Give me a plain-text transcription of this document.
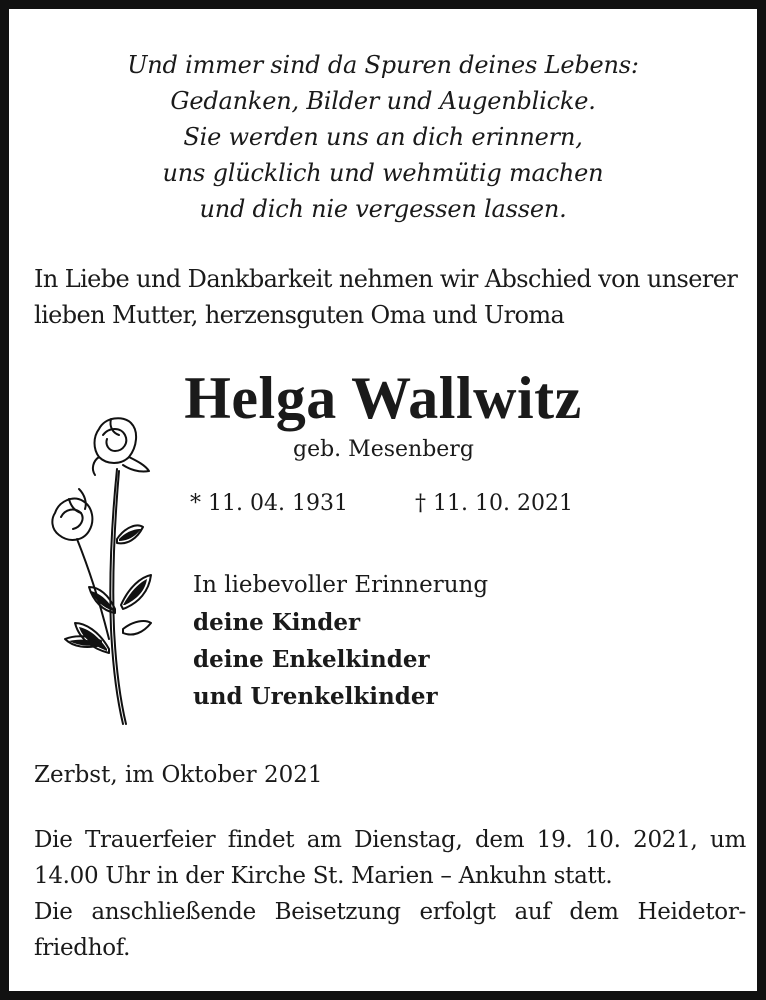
Und immer sind da Spuren deines Lebens:
Gedanken, Bilder und Augenblicke.
Sie werden uns an dich erinnern,
uns glücklich und wehmütig machen
und dich nie vergessen lassen.
In Liebe und Dankbarkeit nehmen wir Abschied von unserer
lieben Mutter, herzensguten Oma und Uroma
Helga Wallwitz
geb. Mesenberg
* 11. 04. 1931	† 11. 10. 2021
In liebevoller Erinnerung
deine Kinder
deine Enkelkinder
und Urenkelkinder
Zerbst, im Oktober 2021
Die Trauerfeier findet am Dienstag, dem 19. 10. 2021, um
14.00 Uhr in der Kirche St. Marien – Ankuhn statt.
Die anschließende Beisetzung erfolgt auf dem Heidetor-
friedhof.
